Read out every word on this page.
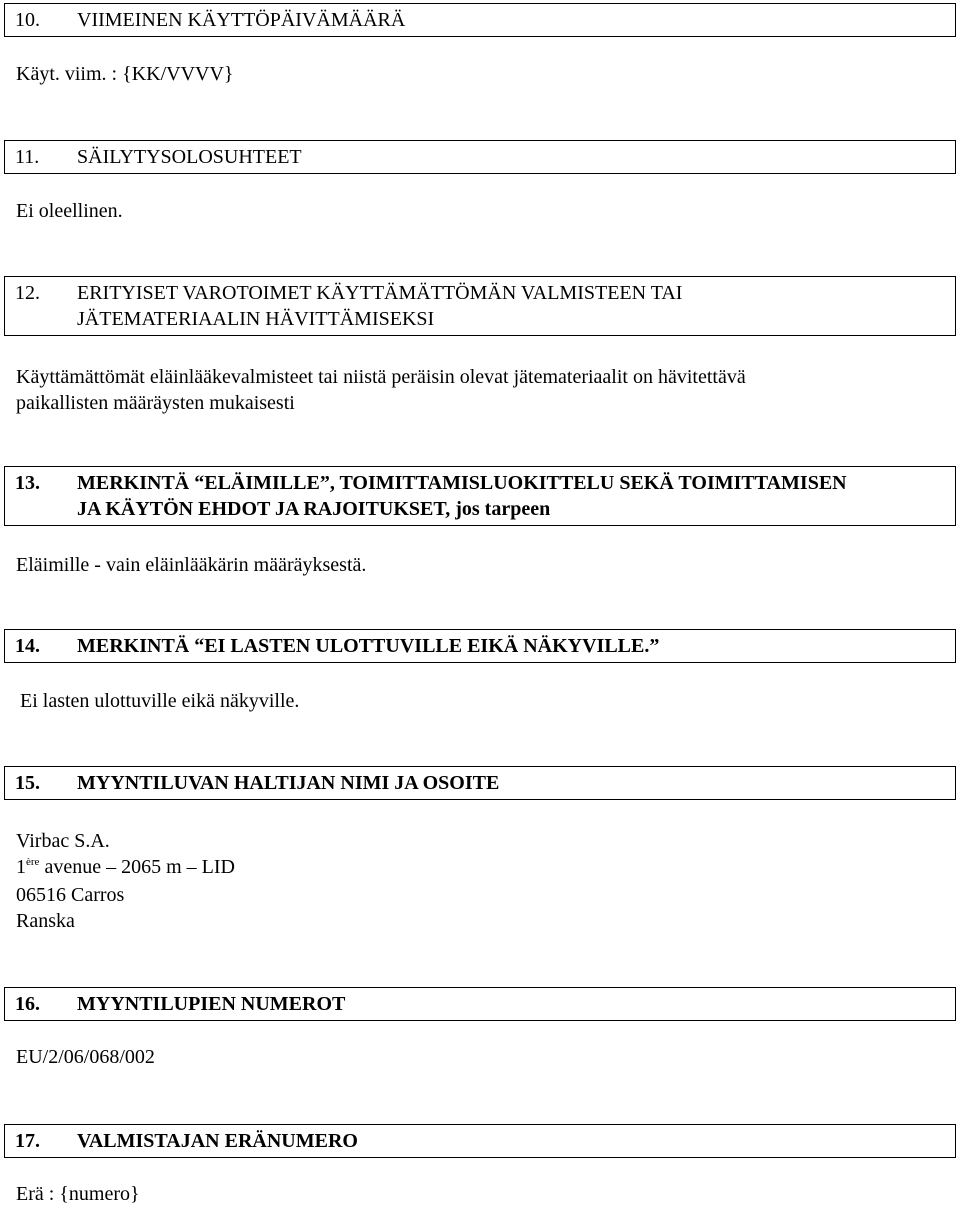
10.	VIIMEINEN KÄYTTÖPÄIVÄMÄÄRÄ
Käyt. viim. : {KK/VVVV}
11.	SÄILYTYSOLOSUHTEET
Ei oleellinen.
12.	ERITYISET VAROTOIMET KÄYTTÄMÄTTÖMÄN VALMISTEEN TAI
JÄTEMATERIAALIN HÄVITTÄMISEKSI
Käyttämättömät eläinlääkevalmisteet tai niistä peräisin olevat jätemateriaalit on hävitettävä
paikallisten määräysten mukaisesti
13.	MERKINTÄ “ELÄIMILLE”, TOIMITTAMISLUOKITTELU SEKÄ TOIMITTAMISEN
JA KÄYTÖN EHDOT JA RAJOITUKSET, jos tarpeen
Eläimille - vain eläinlääkärin määräyksestä.
14.	MERKINTÄ “EI LASTEN ULOTTUVILLE EIKÄ NÄKYVILLE.”
Ei lasten ulottuville eikä näkyville.
15.	MYYNTILUVAN HALTIJAN NIMI JA OSOITE
Virbac S.A.
1ère avenue – 2065 m – LID
06516 Carros
Ranska
16.	MYYNTILUPIEN NUMEROT
EU/2/06/068/002
17.	VALMISTAJAN ERÄNUMERO
Erä : {numero}
